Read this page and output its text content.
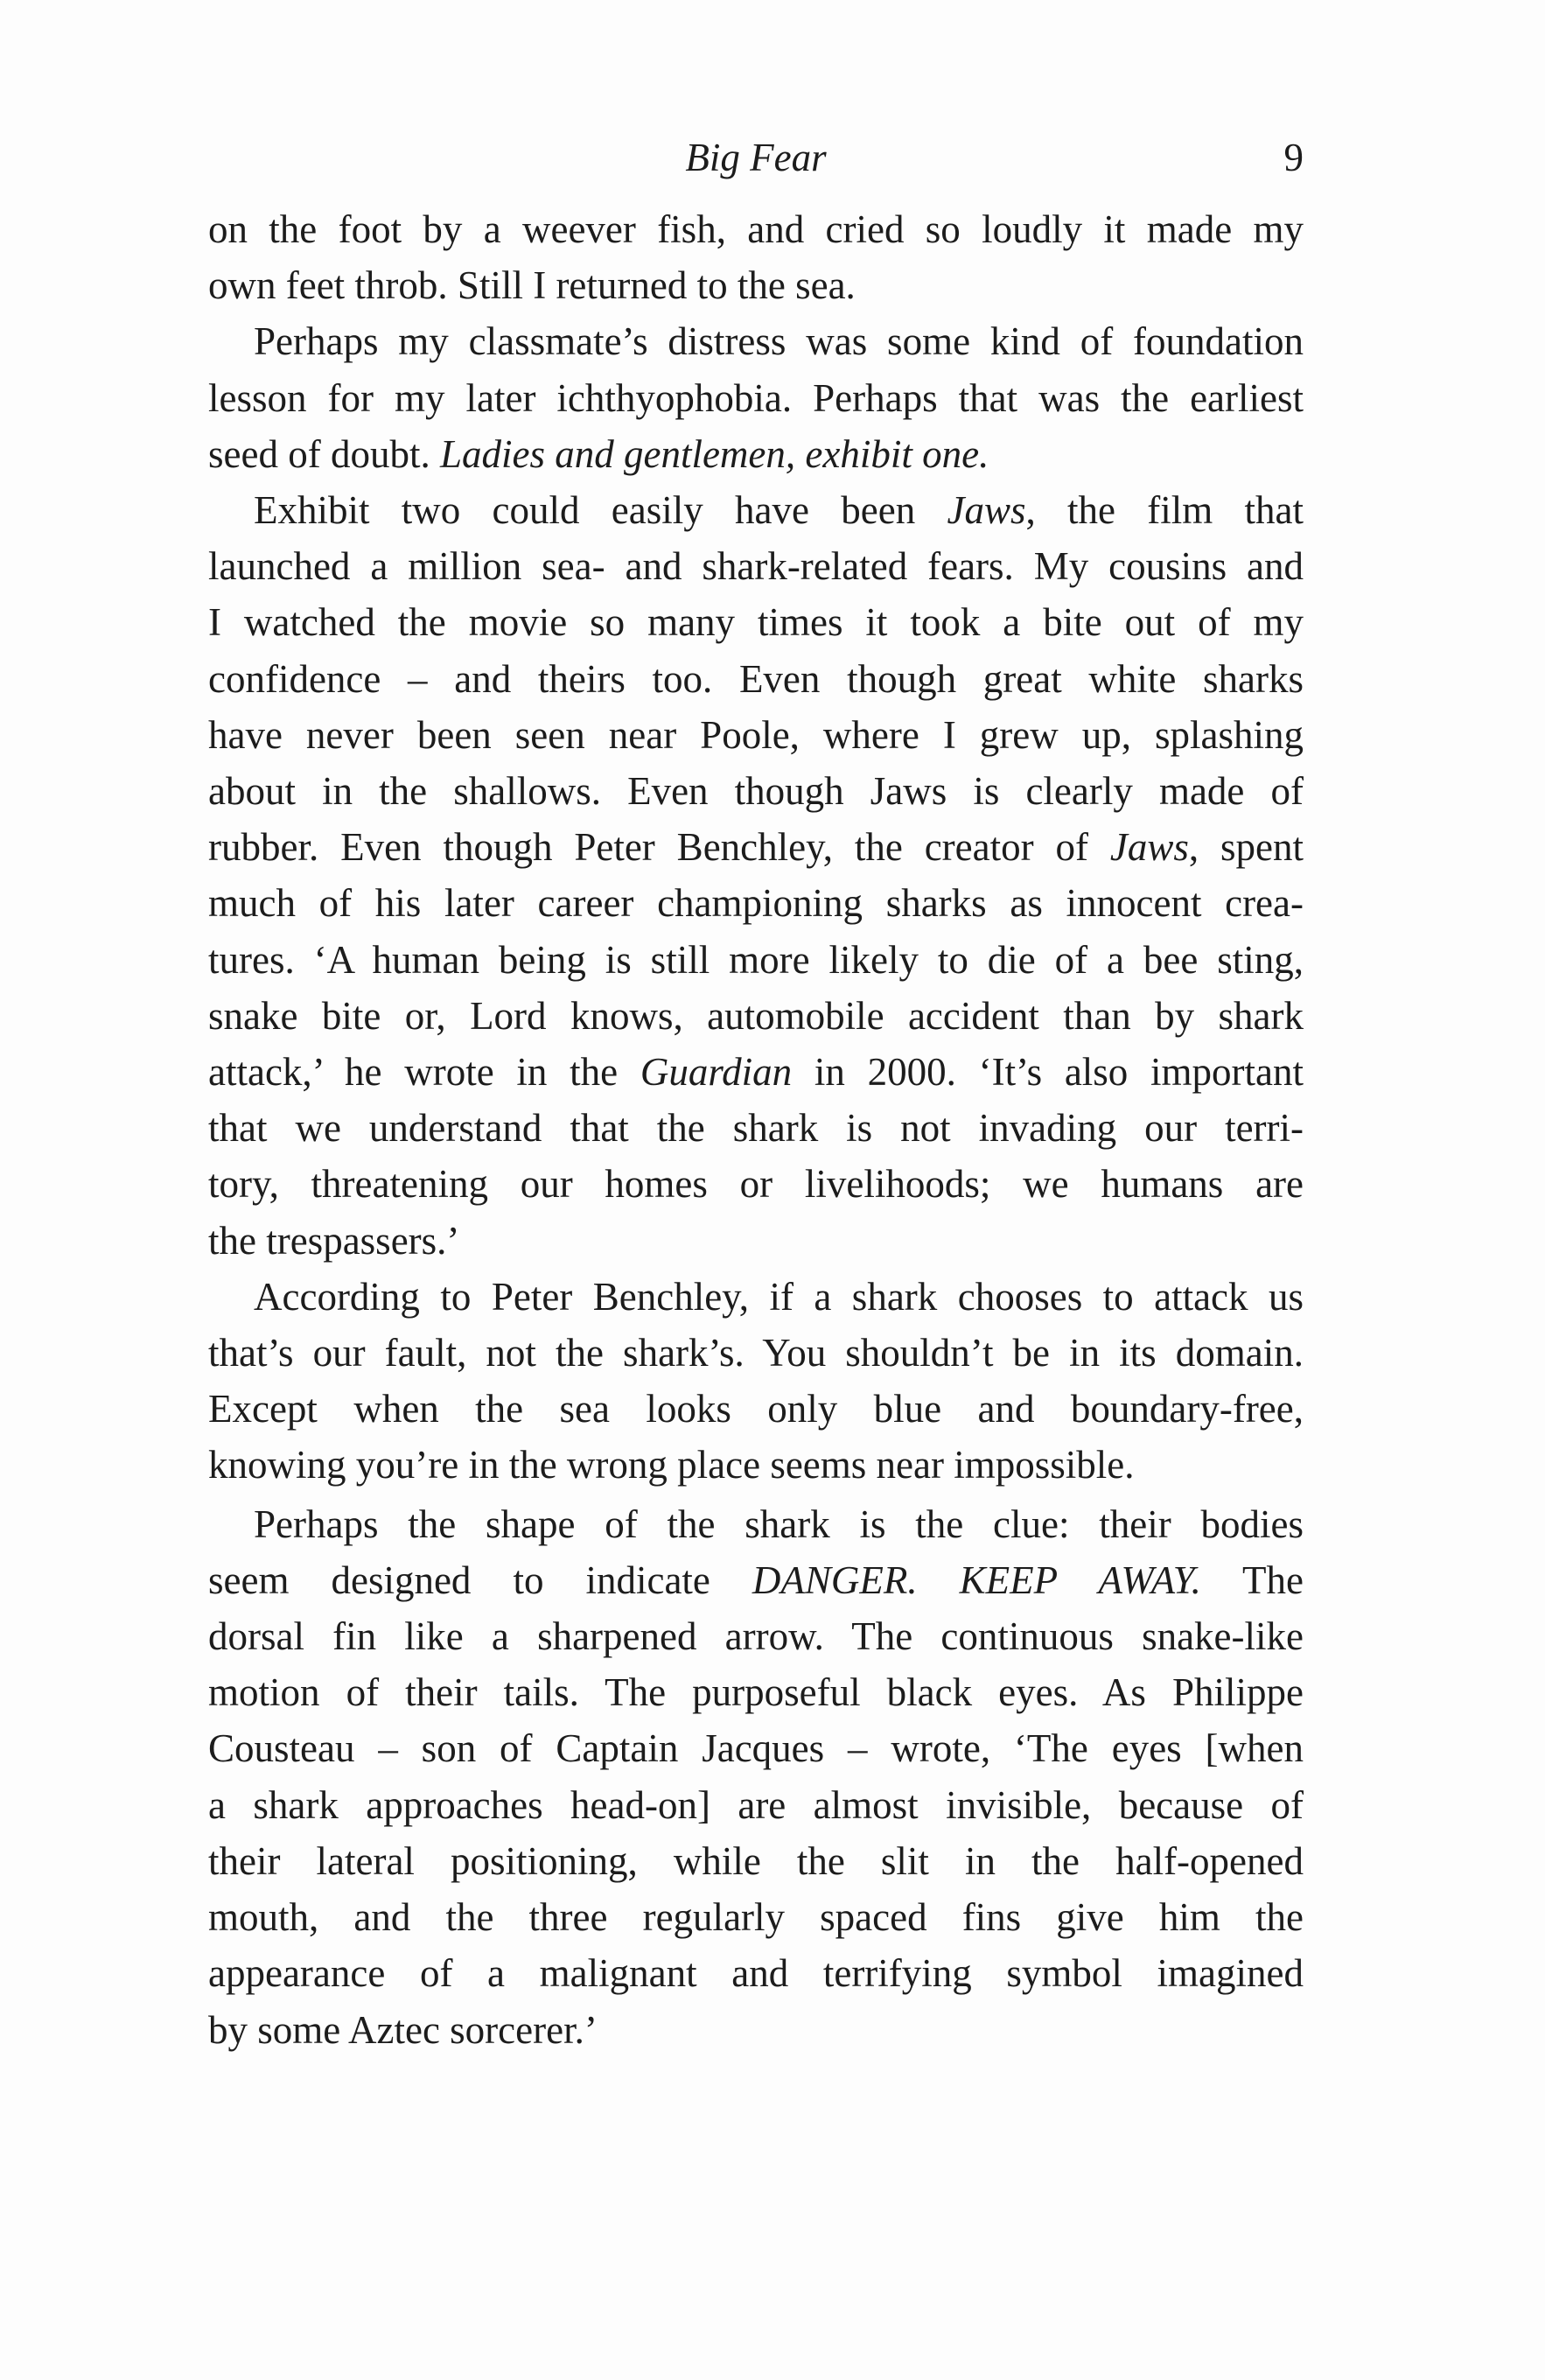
Big Fear	9
on the foot by a weever fish, and cried so loudly it made my
own feet throb. Still I returned to the sea.
Perhaps my classmate’s distress was some kind of foundation
lesson for my later ichthyophobia. Perhaps that was the earliest
seed of doubt. Ladies and gentlemen, exhibit one.
Exhibit two could easily have been Jaws, the film that
launched a million sea- and shark-related fears. My cousins and
I watched the movie so many times it took a bite out of my
confidence – and theirs too. Even though great white sharks
have never been seen near Poole, where I grew up, splashing
about in the shallows. Even though Jaws is clearly made of
rubber. Even though Peter Benchley, the creator of Jaws, spent
much of his later career championing sharks as innocent crea-
tures. ‘A human being is still more likely to die of a bee sting,
snake bite or, Lord knows, automobile accident than by shark
attack,’ he wrote in the Guardian in 2000. ‘It’s also important
that we understand that the shark is not invading our terri-
tory, threatening our homes or livelihoods; we humans are
the trespassers.’
According to Peter Benchley, if a shark chooses to attack us
that’s our fault, not the shark’s. You shouldn’t be in its domain.
Except when the sea looks only blue and boundary-free,
knowing you’re in the wrong place seems near impossible.
Perhaps the shape of the shark is the clue: their bodies
seem designed to indicate DANGER. KEEP AWAY. The
dorsal fin like a sharpened arrow. The continuous snake-like
motion of their tails. The purposeful black eyes. As Philippe
Cousteau – son of Captain Jacques – wrote, ‘The eyes [when
a shark approaches head-on] are almost invisible, because of
their lateral positioning, while the slit in the half-opened
mouth, and the three regularly spaced fins give him the
appearance of a malignant and terrifying symbol imagined
by some Aztec sorcerer.’
